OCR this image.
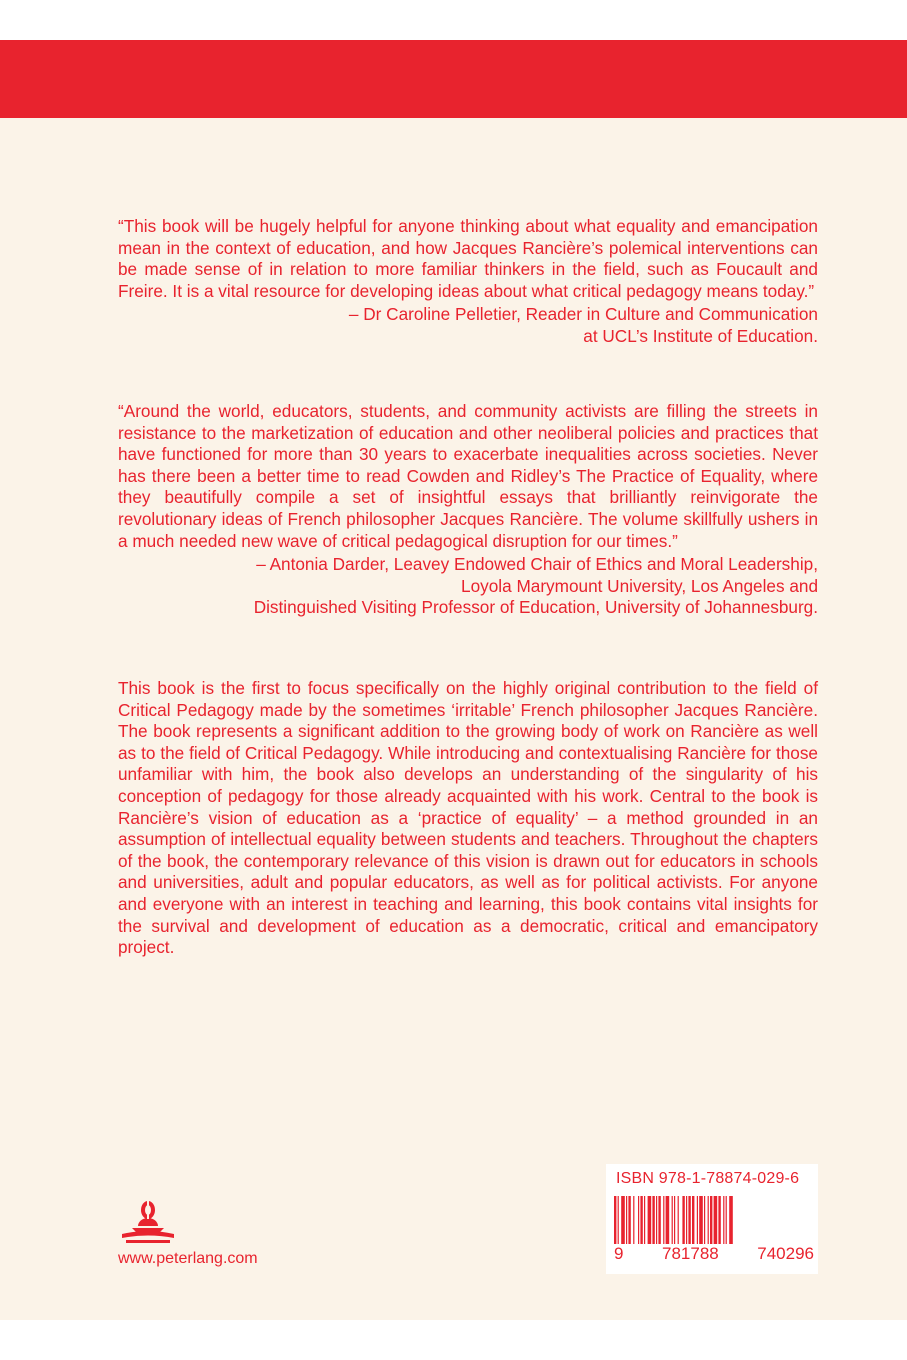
“This book will be hugely helpful for anyone thinking about what equality and emancipation mean in the context of education, and how Jacques Rancière’s polemical interventions can be made sense of in relation to more familiar thinkers in the field, such as Foucault and Freire. It is a vital resource for developing ideas about what critical pedagogy means today.”

– Dr Caroline Pelletier, Reader in Culture and Communication
at UCL’s Institute of Education.

“Around the world, educators, students, and community activists are filling the streets in resistance to the marketization of education and other neoliberal policies and practices that have functioned for more than 30 years to exacerbate inequalities across societies. Never has there been a better time to read Cowden and Ridley’s The Practice of Equality, where they beautifully compile a set of insightful essays that brilliantly reinvigorate the revolutionary ideas of French philosopher Jacques Rancière. The volume skillfully ushers in a much needed new wave of critical pedagogical disruption for our times.”

– Antonia Darder, Leavey Endowed Chair of Ethics and Moral Leadership,
Loyola Marymount University, Los Angeles and
Distinguished Visiting Professor of Education, University of Johannesburg.

This book is the first to focus specifically on the highly original contribution to the field of Critical Pedagogy made by the sometimes ‘irritable’ French philosopher Jacques Rancière. The book represents a significant addition to the growing body of work on Rancière as well as to the field of Critical Pedagogy. While introducing and contextualising Rancière for those unfamiliar with him, the book also develops an understanding of the singularity of his conception of pedagogy for those already acquainted with his work. Central to the book is Rancière’s vision of education as a ‘practice of equality’ – a method grounded in an assumption of intellectual equality between students and teachers. Throughout the chapters of the book, the contemporary relevance of this vision is drawn out for educators in schools and universities, adult and popular educators, as well as for political activists. For anyone and everyone with an interest in teaching and learning, this book contains vital insights for the survival and development of education as a democratic, critical and emancipatory project.

www.peterlang.com
ISBN 978-1-78874-029-6
9 781788 740296
